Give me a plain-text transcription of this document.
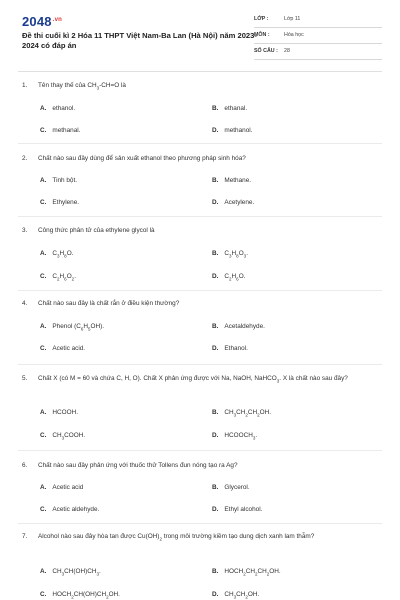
$2048^{.vn}$
Đề thi cuối kì 2 Hóa 11 THPT Việt Nam-Ba Lan (Hà Nội) năm 2023-2024 có đáp án
LỚP :	Lớp 11
MÔN :	Hóa học
SỐ CÂU : 28
1. Tên thay thế của $CH_3-CH=O$ là
A. ethanol.	B. ethanal.
C. methanal.	D. methanol.
2. Chất nào sau đây dùng để sản xuất ethanol theo phương pháp sinh hóa?
A. Tinh bột.	B. Methane.
C. Ethylene.	D. Acetylene.
3. Công thức phân tử của ethylene glycol là
A. $C_3H_8O$.	B. $C_3H_8O_3$.
C. $C_2H_6O_2$.	D. $C_2H_6O$.
4. Chất nào sau đây là chất rắn ở điều kiện thường?
A. Phenol $(C_6H_5OH)$.	B. Acetaldehyde.
C. Acetic acid.	D. Ethanol.
5. Chất X (có M = 60 và chứa C, H, O). Chất X phản ứng được với Na, NaOH, NaHCO$_3$. X là chất nào sau đây?
A. HCOOH.	B. $CH_3CH_2CH_2OH$.
C. $CH_3COOH$.	D. $HCOOCH_3$.
6. Chất nào sau đây phản ứng với thuốc thử Tollens đun nóng tạo ra Ag?
A. Acetic acid	B. Glycerol.
C. Acetic aldehyde.	D. Ethyl alcohol.
7. Alcohol nào sau đây hòa tan được $Cu(OH)_2$ trong môi trường kiềm tạo dung dịch xanh lam thẫm?
A. $CH_3CH(OH)CH_3$.	B. $HOCH_2CH_2CH_2OH$.
C. $HOCH_2CH(OH)CH_2OH$.	D. $CH_3CH_2OH$.
